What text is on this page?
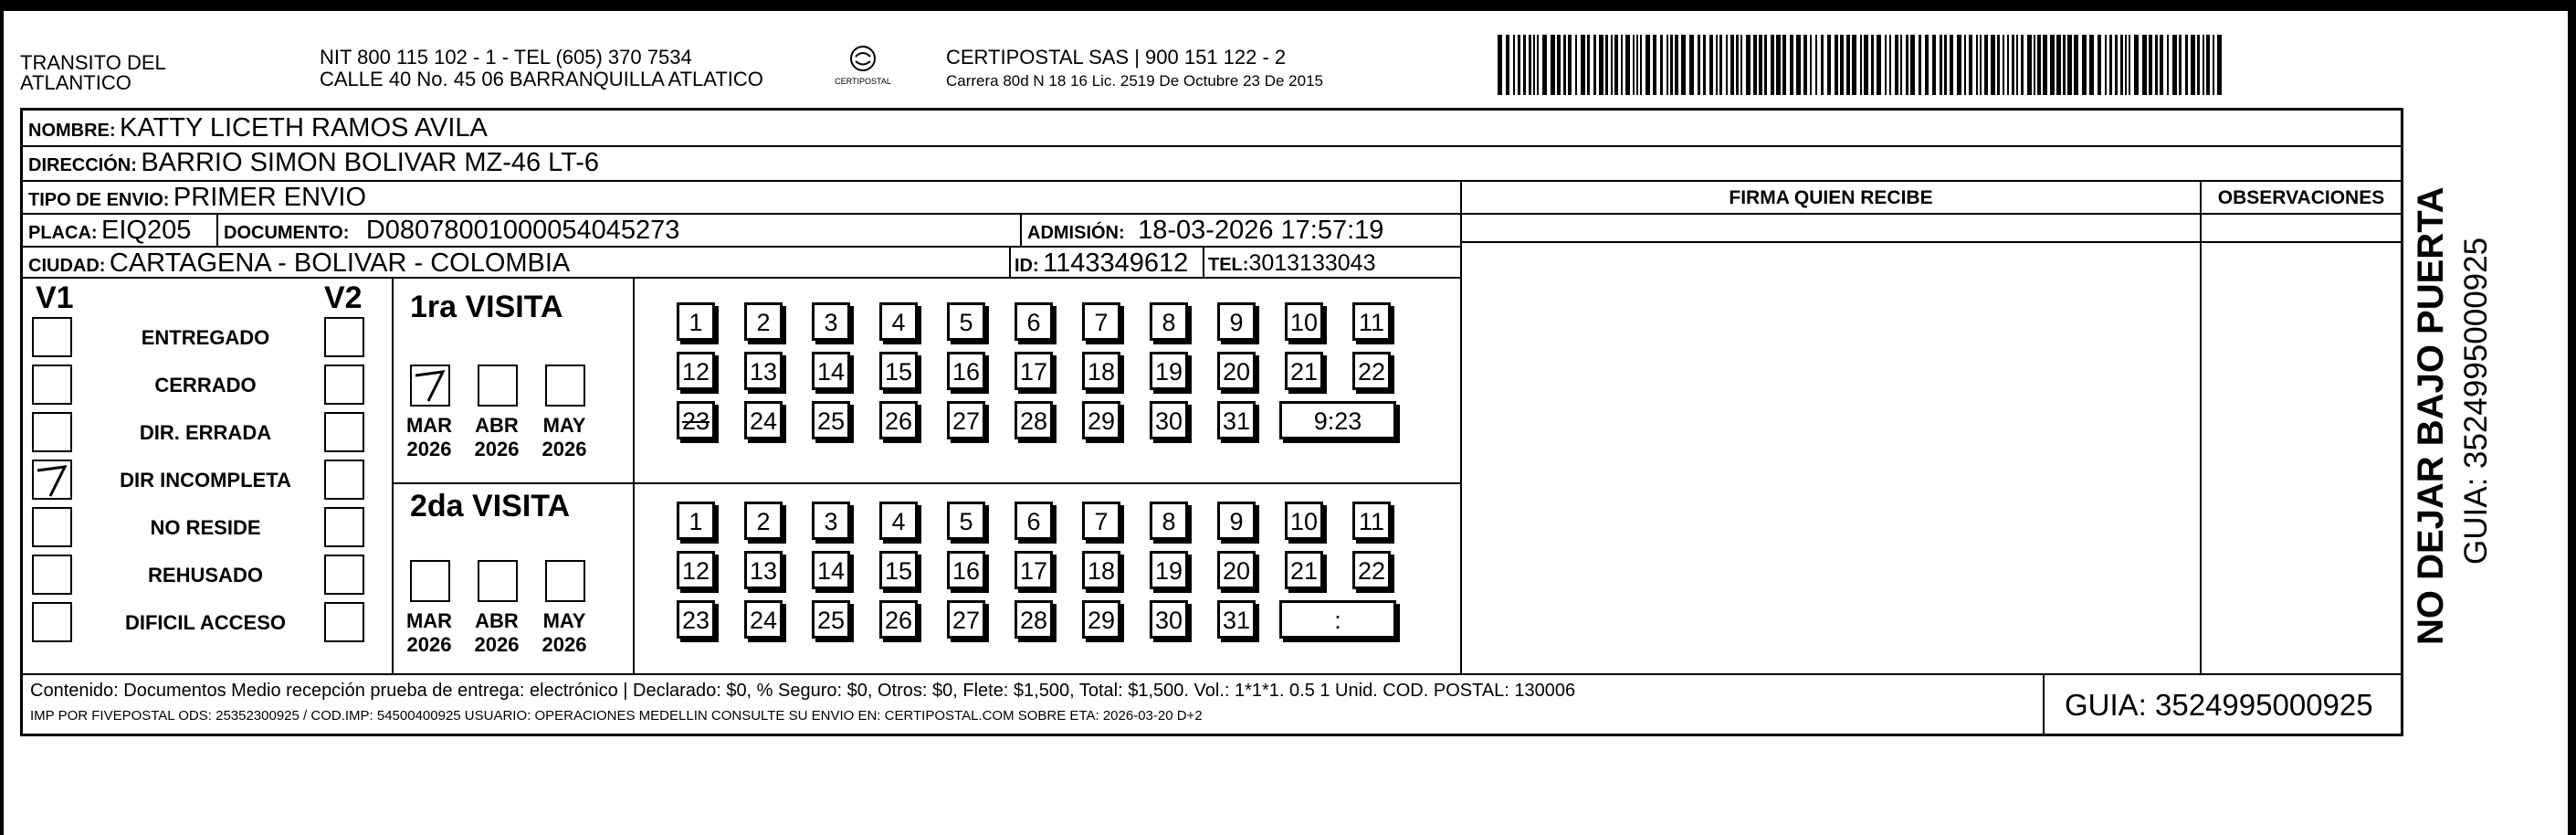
TRANSITO DEL
ATLANTICO
NIT 800 115 102 - 1 - TEL (605) 370 7534
CALLE 40 No. 45 06 BARRANQUILLA ATLATICO	CERTIPOSTAL
CERTIPOSTAL SAS | 900 151 122 - 2
Carrera 80d N 18 16 Lic. 2519 De Octubre 23 De 2015
NOMBRE: KATTY LICETH RAMOS AVILA
DIRECCIÓN: BARRIO SIMON BOLIVAR MZ-46 LT-6
TIPO DE ENVIO: PRIMER ENVIO
PLACA: EIQ205 DOCUMENTO: D08078001000054045273	ADMISIÓN: 18-03-2026 17:57:19
CIUDAD: CARTAGENA - BOLIVAR - COLOMBIA	ID: 1143349612 TEL:3013133043
FIRMA QUIEN RECIBE	OBSERVACIONES
V1	V2
ENTREGADO
CERRADO
DIR. ERRADA
DIR INCOMPLETA
NO RESIDE
REHUSADO
DIFICIL ACCESO
1ra VISITA
2da VISITA
MAR
2026
ABR
2026
MAY
2026
MAR
2026
ABR
2026
MAY
2026
1	2	3	4	5	6	7	8	9	10 11
12 13 14 15 16 17 18 19 20 21 22
23 24 25 26 27 28 29 30 31	9:23
1	2	3	4	5	6	7	8	9	10 11
12 13 14 15 16 17 18 19 20 21 22
23 24 25 26 27 28 29 30 31	:
Contenido: Documentos Medio recepción prueba de entrega: electrónico | Declarado: $0, % Seguro: $0, Otros: $0, Flete: $1,500, Total: $1,500. Vol.: 1*1*1. 0.5 1 Unid. COD. POSTAL: 130006
IMP POR FIVEPOSTAL ODS: 25352300925 / COD.IMP: 54500400925 USUARIO: OPERACIONES MEDELLIN CONSULTE SU ENVIO EN: CERTIPOSTAL.COM SOBRE ETA: 2026-03-20 D+2	GUIA: 3524995000925
NO DEJAR BAJO PUERTA GUIA: 3524995000925
